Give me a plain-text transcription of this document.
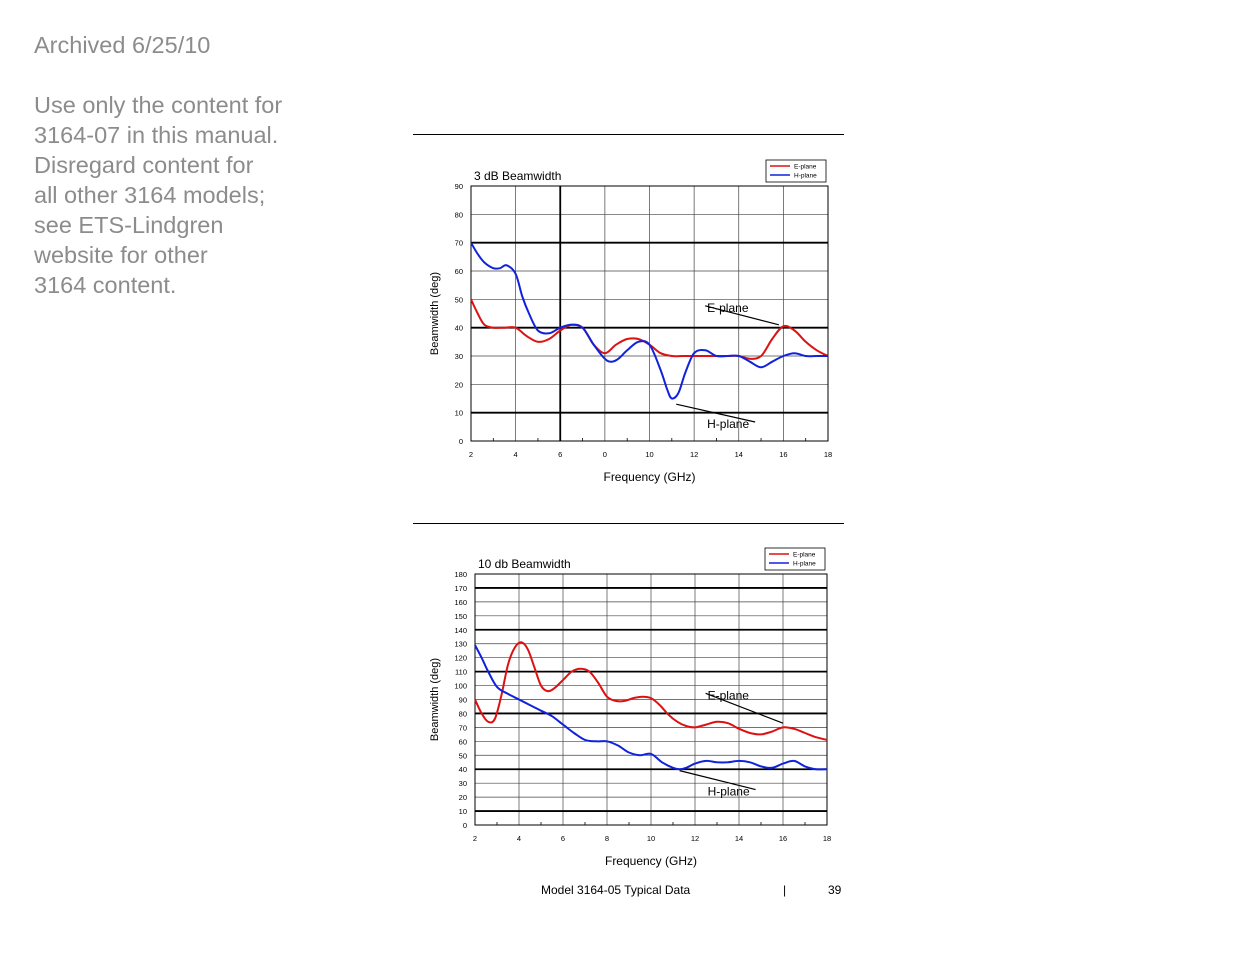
Archived 6/25/10
Use only the content for
3164-07 in this manual.
Disregard content for
all other 3164 models;
see ETS-Lindgren
website for other
3164 content.
2	4	6	0	10	12	14	16	18
0
10
20
30
40
50
60
70
80
90
3 dB Beamwidth
Frequency (GHz)
Beamwidth (deg)	E-plane
H-plane
E-plane
H-plane
2	4	6	8	10	12	14	16	18
0
10
20
30
40
50
60
70
80
90
100
110
120
130
140
150
160
170
180
10 db Beamwidth
Frequency (GHz)
Beamwidth (deg)	E-plane
H-plane
E-plane
H-plane
Model 3164-05 Typical Data	|	39
